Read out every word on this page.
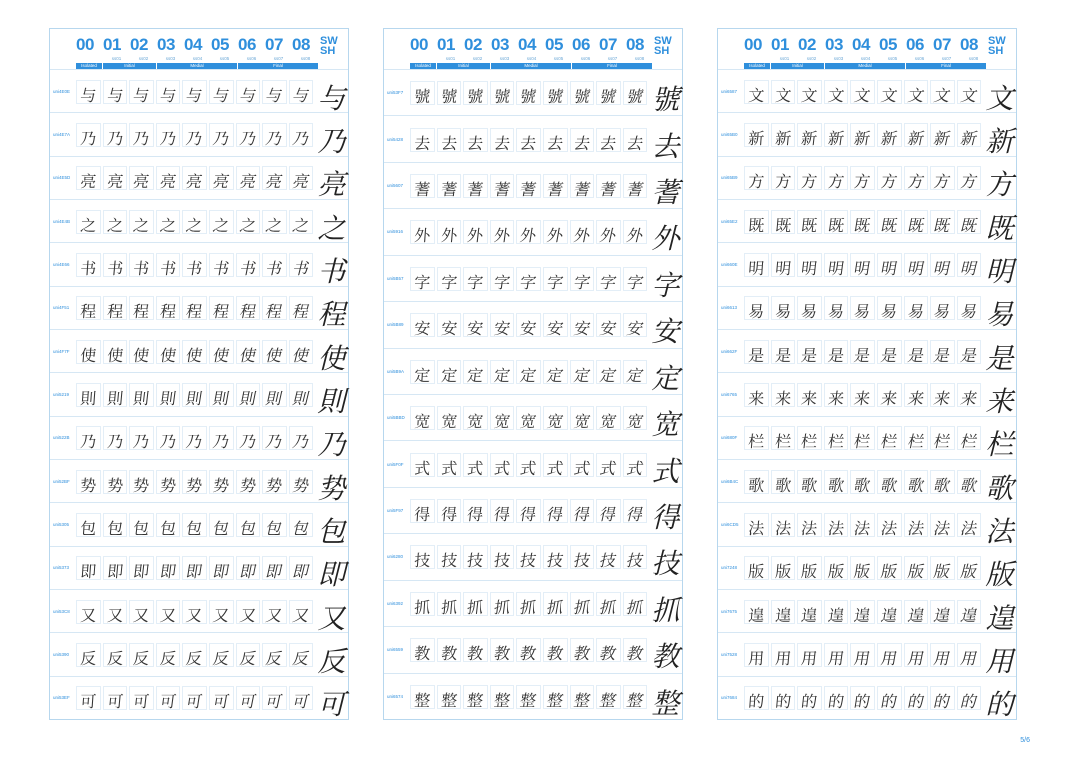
00 01 02 03 04 05 06 07 08 SW
SH
ss01	ss02	ss03	ss04	ss05	ss06	ss07	ss08
Isolated	Initial	Medial	Final
uni4E0E 与 与 与 与 与 与 与 与 与 与
uni4E7A 乃 乃 乃 乃 乃 乃 乃 乃 乃 乃
uni4E5D 亮 亮 亮 亮 亮 亮 亮 亮 亮 亮
uni4E4B 之 之 之 之 之 之 之 之 之 之
uni4E66 书 书 书 书 书 书 书 书 书 书
uni4F51 程 程 程 程 程 程 程 程 程 程
uni4F7F 使 使 使 使 使 使 使 使 使 使
uni5219 則 則 則 則 則 則 則 則 則 則
uni522B 乃 乃 乃 乃 乃 乃 乃 乃 乃 乃
uni52BF 势 势 势 势 势 势 势 势 势 势
uni5305 包 包 包 包 包 包 包 包 包 包
uni5373 即 即 即 即 即 即 即 即 即 即
uni53C8 又 又 又 又 又 又 又 又 又 又
uni5390 反 反 反 反 反 反 反 反 反 反
uni53EF 可 可 可 可 可 可 可 可 可 可
00 01 02 03 04 05 06 07 08 SW
SH
ss01	ss02	ss03	ss04	ss05	ss06	ss07	ss08
Isolated	Initial	Medial	Final
uni53F7 號 號 號 號 號 號 號 號 號 號
uni5428 去 去 去 去 去 去 去 去 去 去
uni5607 蓍 蓍 蓍 蓍 蓍 蓍 蓍 蓍 蓍 蓍
uni5916 外 外 外 外 外 外 外 外 外 外
uni5B57 字 字 字 字 字 字 字 字 字 字
uni5B89 安 安 安 安 安 安 安 安 安 安
uni5B9A 定 定 定 定 定 定 定 定 定 定
uni5BBD 宽 宽 宽 宽 宽 宽 宽 宽 宽 宽
uni5F0F 式 式 式 式 式 式 式 式 式 式
uni5F97 得 得 得 得 得 得 得 得 得 得
uni6280 技 技 技 技 技 技 技 技 技 技
uni6392 抓 抓 抓 抓 抓 抓 抓 抓 抓 抓
uni6559 教 教 教 教 教 教 教 教 教 教
uni6574 整 整 整 整 整 整 整 整 整 整
00 01 02 03 04 05 06 07 08 SW
SH
ss01	ss02	ss03	ss04	ss05	ss06	ss07	ss08
Isolated	Initial	Medial	Final
uni6587 文 文 文 文 文 文 文 文 文 文
uni65B0 新 新 新 新 新 新 新 新 新 新
uni65B9 方 方 方 方 方 方 方 方 方 方
uni65E2 既 既 既 既 既 既 既 既 既 既
uni660E 明 明 明 明 明 明 明 明 明 明
uni6613 易 易 易 易 易 易 易 易 易 易
uni662F 是 是 是 是 是 是 是 是 是 是
uni6765 来 来 来 来 来 来 来 来 来 来
uni680F 栏 栏 栏 栏 栏 栏 栏 栏 栏 栏
uni6B4C 歌 歌 歌 歌 歌 歌 歌 歌 歌 歌
uni6CD5 法 法 法 法 法 法 法 法 法 法
uni7248 版 版 版 版 版 版 版 版 版 版
uni7675 遑 遑 遑 遑 遑 遑 遑 遑 遑 遑
uni7528 用 用 用 用 用 用 用 用 用 用
uni7684 的 的 的 的 的 的 的 的 的 的
5/6
